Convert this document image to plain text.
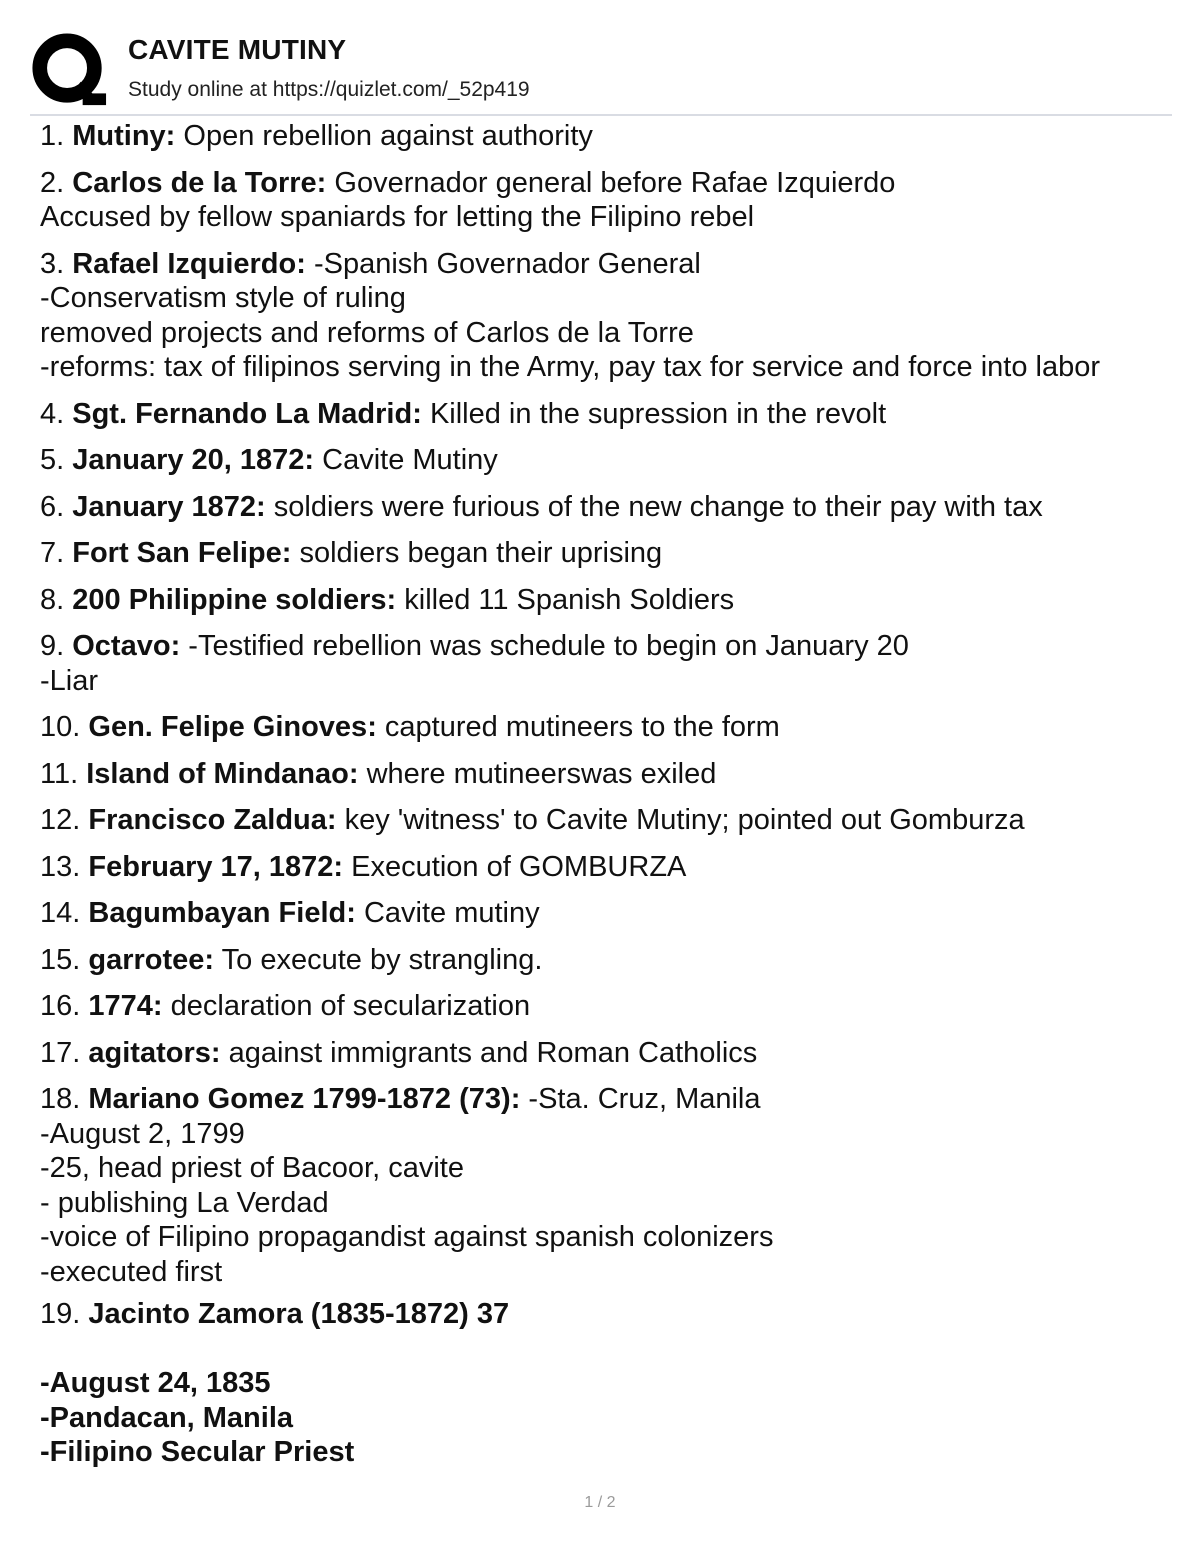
CAVITE MUTINY
Study online at https://quizlet.com/_52p419
1. Mutiny: Open rebellion against authority
2. Carlos de la Torre: Governador general before Rafae Izquierdo
Accused by fellow spaniards for letting the Filipino rebel
3. Rafael Izquierdo: -Spanish Governador General
-Conservatism style of ruling
removed projects and reforms of Carlos de la Torre
-reforms: tax of filipinos serving in the Army, pay tax for service and force into labor
4. Sgt. Fernando La Madrid: Killed in the supression in the revolt
5. January 20, 1872: Cavite Mutiny
6. January 1872: soldiers were furious of the new change to their pay with tax
7. Fort San Felipe: soldiers began their uprising
8. 200 Philippine soldiers: killed 11 Spanish Soldiers
9. Octavo: -Testified rebellion was schedule to begin on January 20
-Liar
10. Gen. Felipe Ginoves: captured mutineers to the form
11. Island of Mindanao: where mutineerswas exiled
12. Francisco Zaldua: key 'witness' to Cavite Mutiny; pointed out Gomburza
13. February 17, 1872: Execution of GOMBURZA
14. Bagumbayan Field: Cavite mutiny
15. garrotee: To execute by strangling.
16. 1774: declaration of secularization
17. agitators: against immigrants and Roman Catholics
18. Mariano Gomez 1799-1872 (73): -Sta. Cruz, Manila
-August 2, 1799
-25, head priest of Bacoor, cavite
- publishing La Verdad
-voice of Filipino propagandist against spanish colonizers
-executed first
19. Jacinto Zamora (1835-1872) 37
-August 24, 1835
-Pandacan, Manila
-Filipino Secular Priest
1 / 2
